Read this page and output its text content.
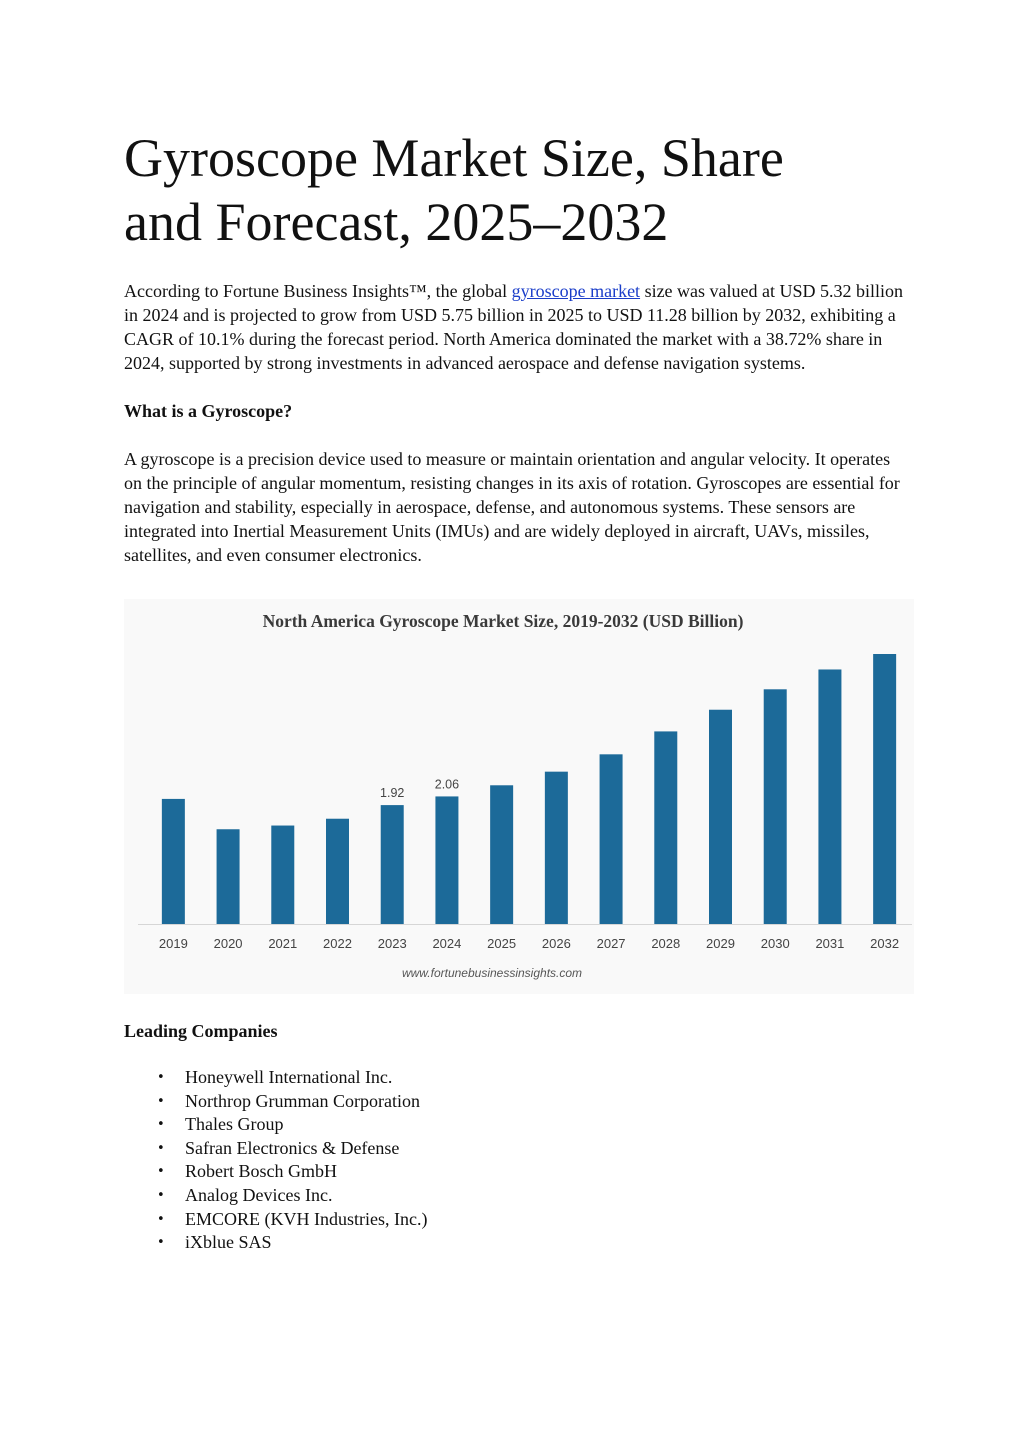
Gyroscope Market Size, Share
and Forecast, 2025–2032

According to Fortune Business Insights™, the global gyroscope market size was valued at USD 5.32 billion in 2024 and is projected to grow from USD 5.75 billion in 2025 to USD 11.28 billion by 2032, exhibiting a CAGR of 10.1% during the forecast period. North America dominated the market with a 38.72% share in 2024, supported by strong investments in advanced aerospace and defense navigation systems.

What is a Gyroscope?

A gyroscope is a precision device used to measure or maintain orientation and angular velocity. It operates on the principle of angular momentum, resisting changes in its axis of rotation. Gyroscopes are essential for navigation and stability, especially in aerospace, defense, and autonomous systems. These sensors are integrated into Inertial Measurement Units (IMUs) and are widely deployed in aircraft, UAVs, missiles, satellites, and even consumer electronics.

North America Gyroscope Market Size, 2019-2032 (USD Billion)
2019 2020 2021 2022 2023
1.92
2024
2.06
2025 2026 2027 2028 2029 2030 2031 2032
www.fortunebusinessinsights.com
Leading Companies
• Honeywell International Inc.
• Northrop Grumman Corporation
• Thales Group
• Safran Electronics & Defense
• Robert Bosch GmbH
• Analog Devices Inc.
• EMCORE (KVH Industries, Inc.)
• iXblue SAS
